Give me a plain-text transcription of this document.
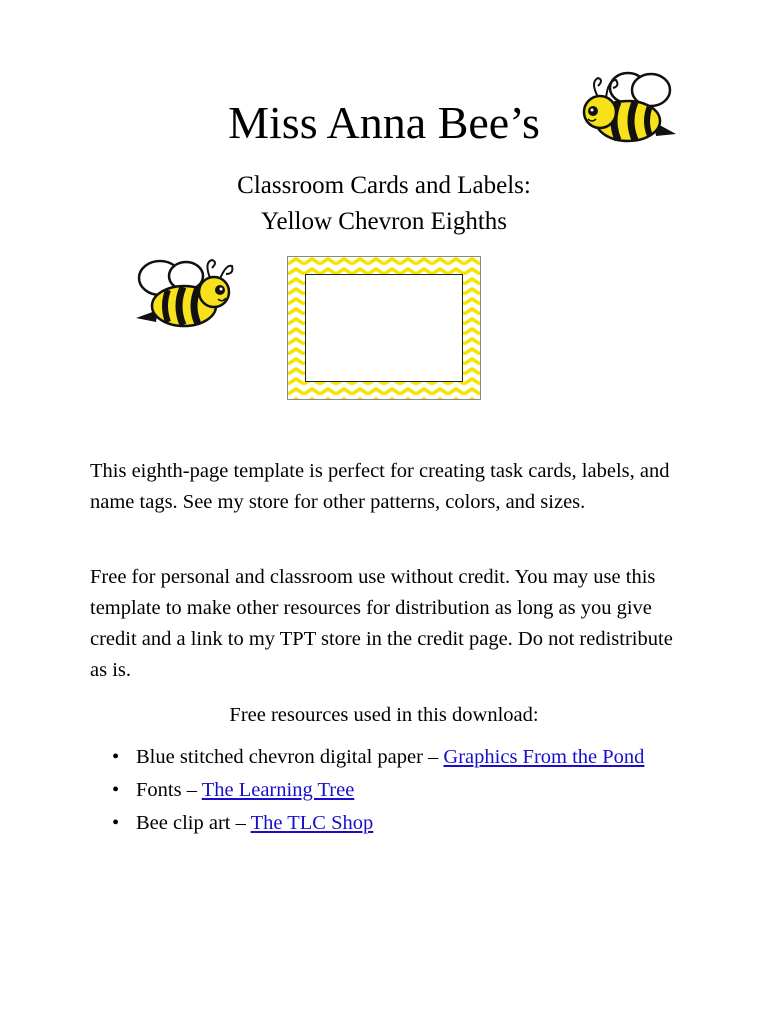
Miss Anna Bee’s

Classroom Cards and Labels:

Yellow Chevron Eighths

This eighth-page template is perfect for creating task cards, labels, and name tags. See my store for other patterns, colors, and sizes.

Free for personal and classroom use without credit. You may use this template to make other resources for distribution as long as you give credit and a link to my TPT store in the credit page. Do not redistribute as is.

Free resources used in this download:

• Blue stitched chevron digital paper – Graphics From the Pond
• Fonts – The Learning Tree
• Bee clip art – The TLC Shop
